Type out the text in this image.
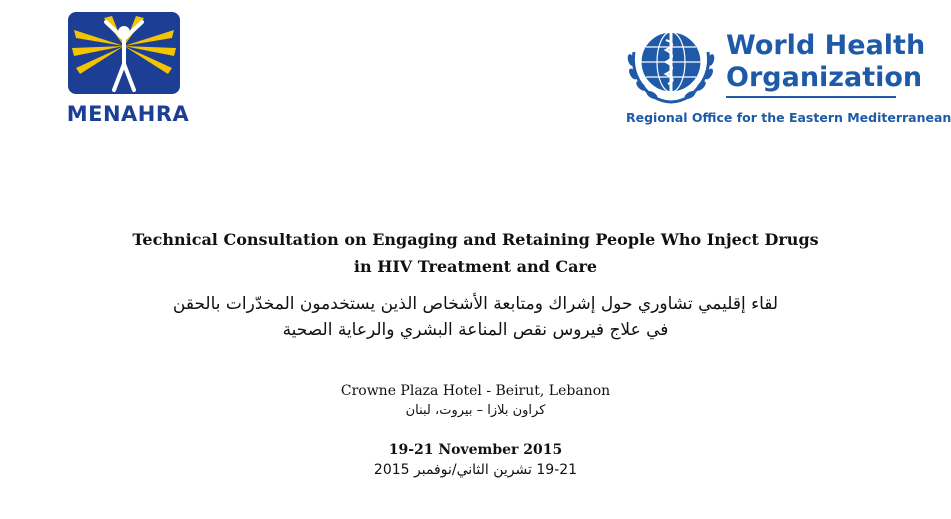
MENAHRA
World Health
Organization
Regional Office for the Eastern Mediterranean
Technical Consultation on Engaging and Retaining People Who Inject Drugs
in HIV Treatment and Care
لقاء إقليمي تشاوري حول إشراك ومتابعة الأشخاص الذين يستخدمون المخدّرات بالحقن
في علاج فيروس نقص المناعة البشري والرعاية الصحية
Crowne Plaza Hotel - Beirut, Lebanon
كراون بلازا – بيروت، لبنان
19-21 November 2015
19-21 تشرين الثاني/نوفمبر 2015
